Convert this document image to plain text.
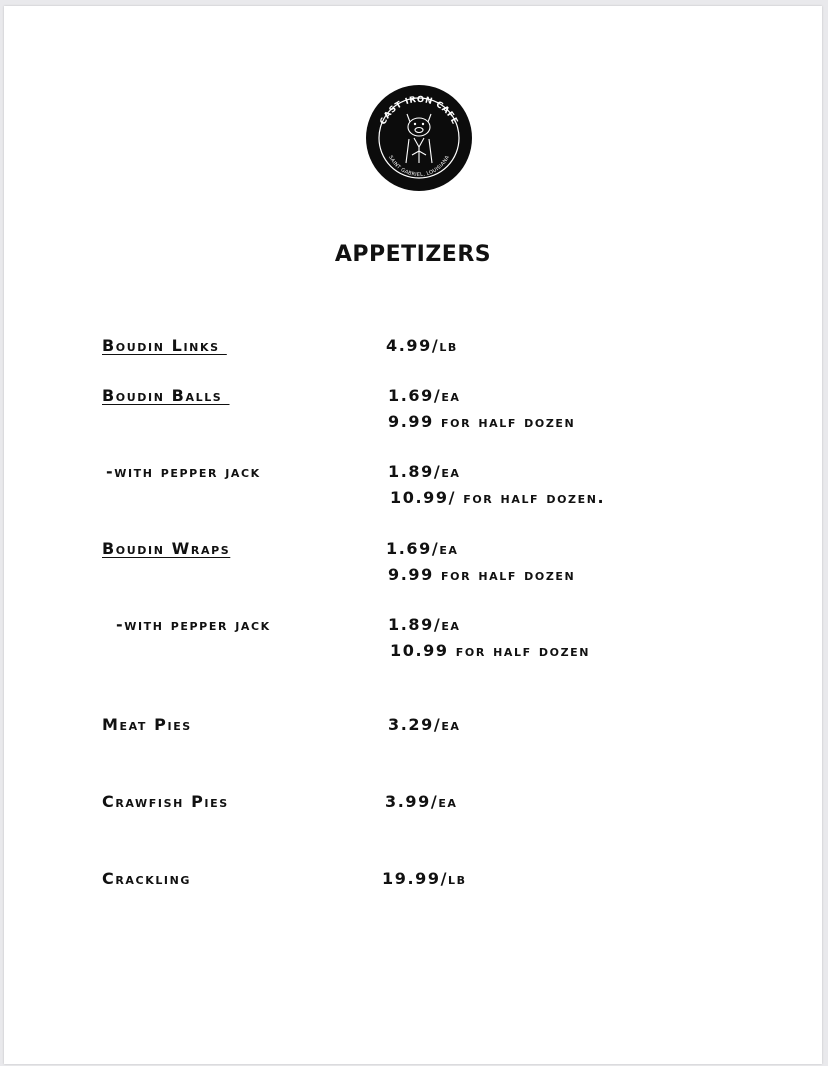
CAST IRON CAFE
SAINT GABRIEL, LOUISIANA
APPETIZERS
Boudin Links	4.99/lb
Boudin Balls	1.69/ea
9.99 for half dozen
-with pepper jack	1.89/ea
10.99/ for half dozen.
Boudin Wraps	1.69/ea
9.99 for half dozen
-with pepper jack	1.89/ea
10.99 for half dozen
Meat Pies	3.29/ea
Crawfish Pies	3.99/ea
Crackling	19.99/lb
